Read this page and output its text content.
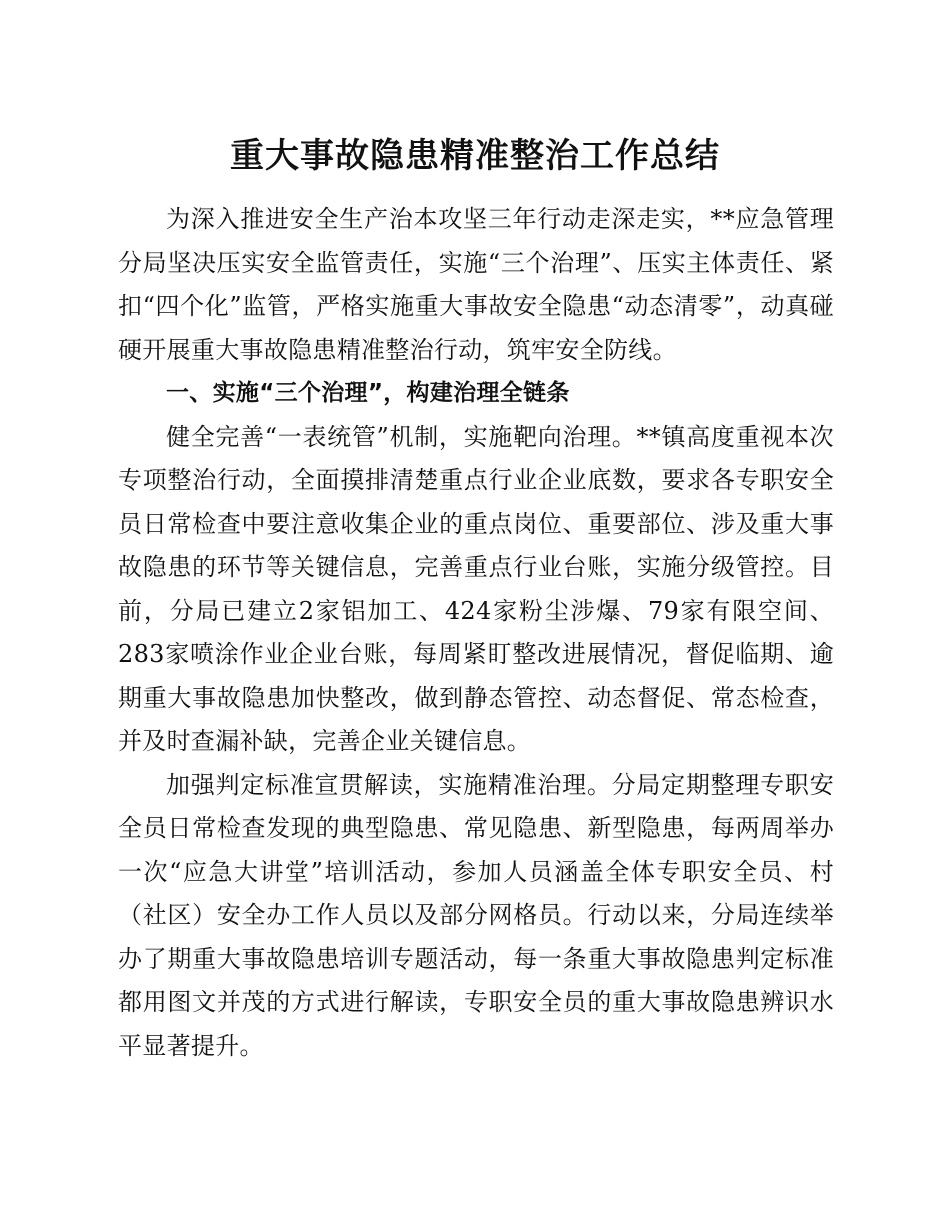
重大事故隐患精准整治工作总结

为深入推进安全生产治本攻坚三年行动走深走实，**应急管理分局坚决压实安全监管责任，实施“三个治理”、压实主体责任、紧扣“四个化”监管，严格实施重大事故安全隐患“动态清零”，动真碰硬开展重大事故隐患精准整治行动，筑牢安全防线。

一、实施“三个治理”，构建治理全链条

健全完善“一表统管”机制，实施靶向治理。**镇高度重视本次专项整治行动，全面摸排清楚重点行业企业底数，要求各专职安全员日常检查中要注意收集企业的重点岗位、重要部位、涉及重大事故隐患的环节等关键信息，完善重点行业台账，实施分级管控。目前，分局已建立2家铝加工、424家粉尘涉爆、79家有限空间、283家喷涂作业企业台账，每周紧盯整改进展情况，督促临期、逾期重大事故隐患加快整改，做到静态管控、动态督促、常态检查，并及时查漏补缺，完善企业关键信息。

加强判定标准宣贯解读，实施精准治理。分局定期整理专职安全员日常检查发现的典型隐患、常见隐患、新型隐患，每两周举办一次“应急大讲堂”培训活动，参加人员涵盖全体专职安全员、村（社区）安全办工作人员以及部分网格员。行动以来，分局连续举办了期重大事故隐患培训专题活动，每一条重大事故隐患判定标准都用图文并茂的方式进行解读，专职安全员的重大事故隐患辨识水平显著提升。
